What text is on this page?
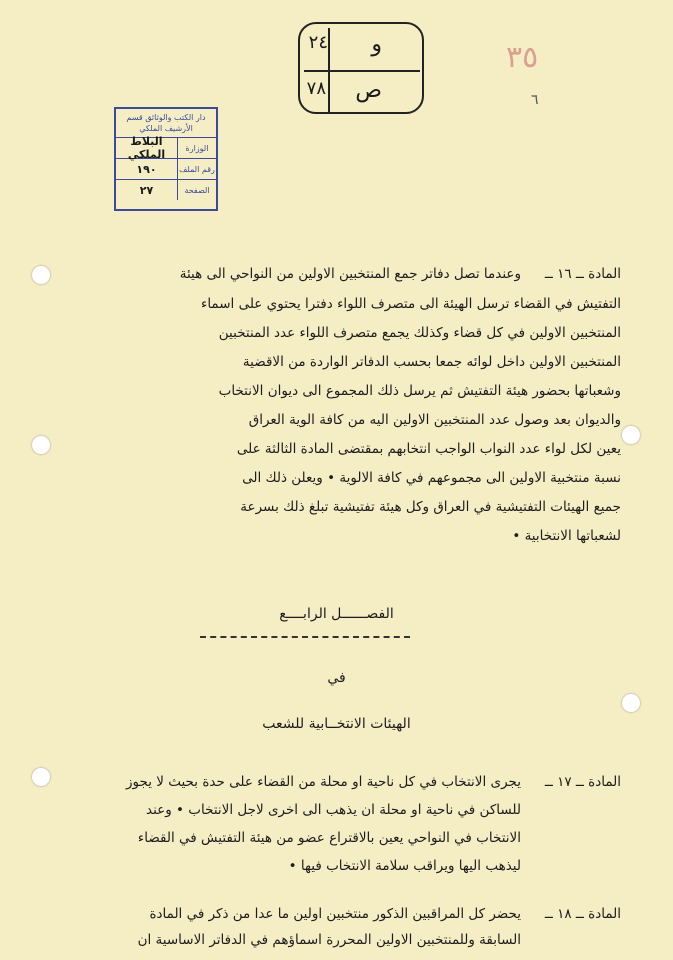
٣٥
٦
و
٢٤
ص
٧٨
دار الكتب والوثائق قسم الأرشيف الملكي
الوزارة
البلاط الملكي
رقم الملف
١٩٠
الصفحة
٢٧
المادة ــ ١٦ ــ
وعندما تصل دفاتر جمع المنتخبين الاولين من النواحي الى هيئة
التفتيش في القضاء ترسل الهيئة الى متصرف اللواء دفترا يحتوي على اسماء
المنتخبين الاولين في كل قضاء وكذلك يجمع متصرف اللواء عدد المنتخبين
المنتخبين الاولين داخل لوائه جمعا بحسب الدفاتر الواردة من الاقضية
وشعباتها بحضور هيئة التفتيش ثم يرسل ذلك المجموع الى ديوان الانتخاب
والديوان بعد وصول عدد المنتخبين الاولين اليه من كافة الوية العراق
يعين لكل لواء عدد النواب الواجب انتخابهم بمقتضى المادة الثالثة على
نسبة منتخبية الاولين الى مجموعهم في كافة الالوية • ويعلن ذلك الى
جميع الهيئات التفتيشية في العراق وكل هيئة تفتيشية تبلغ ذلك بسرعة
لشعباتها الانتخابية •
الفصــــــل الرابــــع
في
الهيئات الانتخــابية للشعب
المادة ــ ١٧ ــ
يجرى الانتخاب في كل ناحية او محلة من القضاء على حدة بحيث لا يجوز
للساكن في ناحية او محلة ان يذهب الى اخرى لاجل الانتخاب • وعند
الانتخاب في النواحي يعين بالاقتراع عضو من هيئة التفتيش في القضاء
ليذهب اليها ويراقب سلامة الانتخاب فيها •
المادة ــ ١٨ ــ
يحضر كل المراقبين الذكور منتخبين اولين ما عدا من ذكر في المادة
السابقة وللمنتخبين الاولين المحررة اسماؤهم في الدفاتر الاساسية ان
